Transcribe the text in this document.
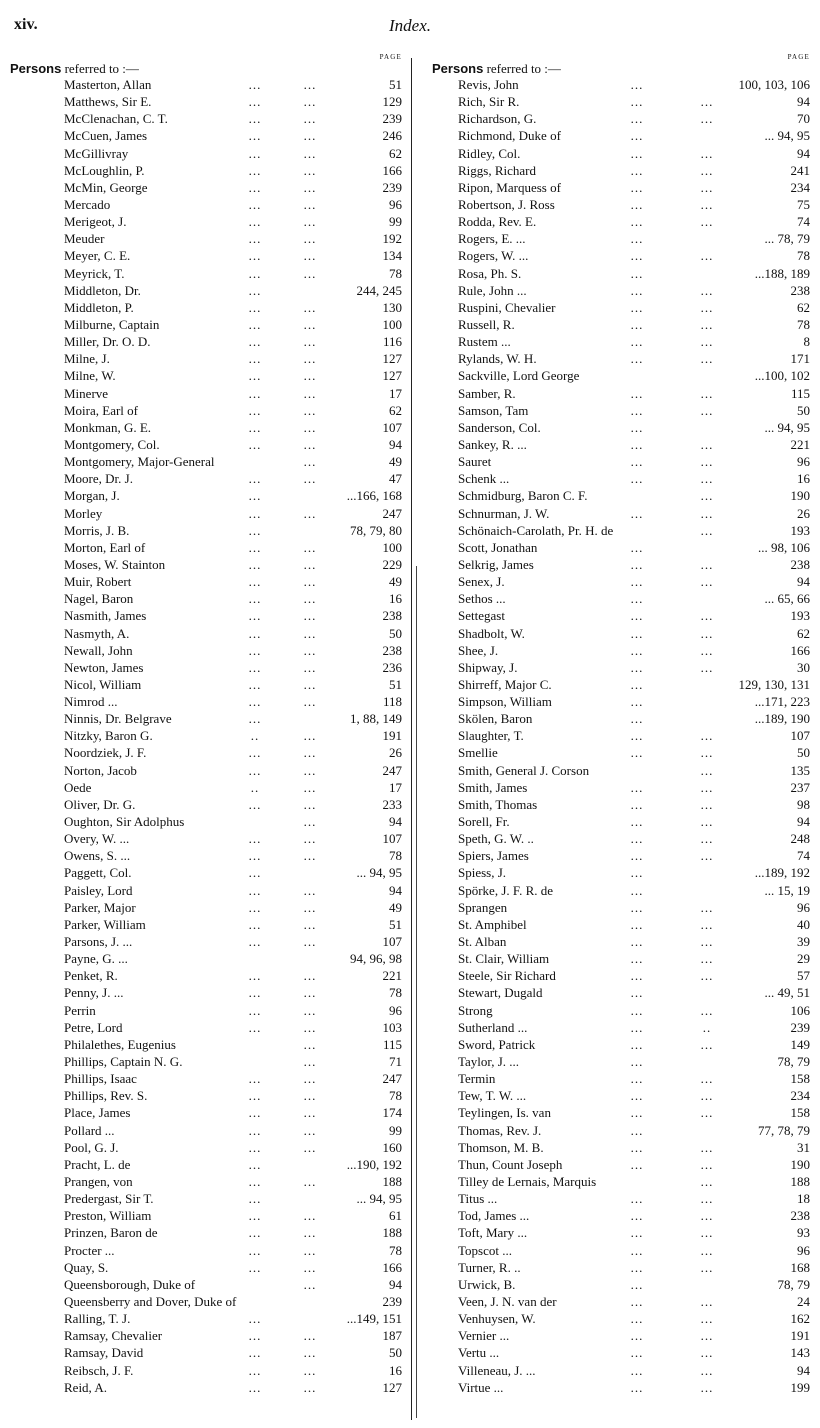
xiv.	Index.
PAGE
Persons referred to :—
Masterton, Allan	...	...	51
Matthews, Sir E.	...	...	129
McClenachan, C. T.	...	...	239
McCuen, James	...	...	246
McGillivray	...	...	62
McLoughlin, P.	...	...	166
McMin, George	...	...	239
Mercado	...	...	96
Merigeot, J.	...	...	99
Meuder	...	...	192
Meyer, C. E.	...	...	134
Meyrick, T.	...	...	78
Middleton, Dr.	...	244, 245
Middleton, P.	...	...	130
Milburne, Captain	...	...	100
Miller, Dr. O. D.	...	...	116
Milne, J.	...	...	127
Milne, W.	...	...	127
Minerve	...	...	17
Moira, Earl of	...	...	62
Monkman, G. E.	...	...	107
Montgomery, Col.	...	...	94
Montgomery, Major-General	...	49
Moore, Dr. J.	...	...	47
Morgan, J.	...	...166, 168
Morley	...	...	247
Morris, J. B.	...	78, 79, 80
Morton, Earl of	...	...	100
Moses, W. Stainton	...	...	229
Muir, Robert	...	...	49
Nagel, Baron	...	...	16
Nasmith, James	...	...	238
Nasmyth, A.	...	...	50
Newall, John	...	...	238
Newton, James	...	...	236
Nicol, William	...	...	51
Nimrod ...	...	...	118
Ninnis, Dr. Belgrave	...	1, 88, 149
Nitzky, Baron G.	..	...	191
Noordziek, J. F.	...	...	26
Norton, Jacob	...	...	247
Oede	..	...	17
Oliver, Dr. G.	...	...	233
Oughton, Sir Adolphus	...	94
Overy, W. ...	...	...	107
Owens, S. ...	...	...	78
Paggett, Col.	...	... 94, 95
Paisley, Lord	...	...	94
Parker, Major	...	...	49
Parker, William	...	...	51
Parsons, J. ...	...	...	107
Payne, G. ...	94, 96, 98
Penket, R.	...	...	221
Penny, J. ...	...	...	78
Perrin	...	...	96
Petre, Lord	...	...	103
Philalethes, Eugenius	...	115
Phillips, Captain N. G.	...	71
Phillips, Isaac	...	...	247
Phillips, Rev. S.	...	...	78
Place, James	...	...	174
Pollard ...	...	...	99
Pool, G. J.	...	...	160
Pracht, L. de	...	...190, 192
Prangen, von	...	...	188
Predergast, Sir T.	...	... 94, 95
Preston, William	...	...	61
Prinzen, Baron de	...	...	188
Procter ...	...	...	78
Quay, S.	...	...	166
Queensborough, Duke of	...	94
Queensberry and Dover, Duke of	239
Ralling, T. J.	...	...149, 151
Ramsay, Chevalier	...	...	187
Ramsay, David	...	...	50
Reibsch, J. F.	...	...	16
Reid, A.	...	...	127
PAGE
Persons referred to :—
Revis, John	...	100, 103, 106
Rich, Sir R.	...	...	94
Richardson, G.	...	...	70
Richmond, Duke of	...	... 94, 95
Ridley, Col.	...	...	94
Riggs, Richard	...	...	241
Ripon, Marquess of	...	...	234
Robertson, J. Ross	...	...	75
Rodda, Rev. E.	...	...	74
Rogers, E. ...	...	... 78, 79
Rogers, W. ...	...	...	78
Rosa, Ph. S.	...	...188, 189
Rule, John ...	...	...	238
Ruspini, Chevalier	...	...	62
Russell, R.	...	...	78
Rustem ...	...	...	8
Rylands, W. H.	...	...	171
Sackville, Lord George	...100, 102
Samber, R.	...	...	115
Samson, Tam	...	...	50
Sanderson, Col.	...	... 94, 95
Sankey, R. ...	...	...	221
Sauret	...	...	96
Schenk ...	...	...	16
Schmidburg, Baron C. F.	...	190
Schnurman, J. W.	...	...	26
Schönaich-Carolath, Pr. H. de	...	193
Scott, Jonathan	...	... 98, 106
Selkrig, James	...	...	238
Senex, J.	...	...	94
Sethos ...	...	... 65, 66
Settegast	...	...	193
Shadbolt, W.	...	...	62
Shee, J.	...	...	166
Shipway, J.	...	...	30
Shirreff, Major C.	...	129, 130, 131
Simpson, William	...	...171, 223
Skölen, Baron	...	...189, 190
Slaughter, T.	...	...	107
Smellie	...	...	50
Smith, General J. Corson	...	135
Smith, James	...	...	237
Smith, Thomas	...	...	98
Sorell, Fr.	...	...	94
Speth, G. W. ..	...	...	248
Spiers, James	...	...	74
Spiess, J.	...	...189, 192
Spörke, J. F. R. de	...	... 15, 19
Sprangen	...	...	96
St. Amphibel	...	...	40
St. Alban	...	...	39
St. Clair, William	...	...	29
Steele, Sir Richard	...	...	57
Stewart, Dugald	...	... 49, 51
Strong	...	...	106
Sutherland ...	...	..	239
Sword, Patrick	...	...	149
Taylor, J. ...	...	78, 79
Termin	...	...	158
Tew, T. W. ...	...	...	234
Teylingen, Is. van	...	...	158
Thomas, Rev. J.	...	77, 78, 79
Thomson, M. B.	...	...	31
Thun, Count Joseph	...	...	190
Tilley de Lernais, Marquis	...	188
Titus ...	...	...	18
Tod, James ...	...	...	238
Toft, Mary ...	...	...	93
Topscot ...	...	...	96
Turner, R. ..	...	...	168
Urwick, B.	...	78, 79
Veen, J. N. van der	...	...	24
Venhuysen, W.	...	...	162
Vernier ...	...	...	191
Vertu ...	...	...	143
Villeneau, J. ...	...	...	94
Virtue ...	...	...	199
